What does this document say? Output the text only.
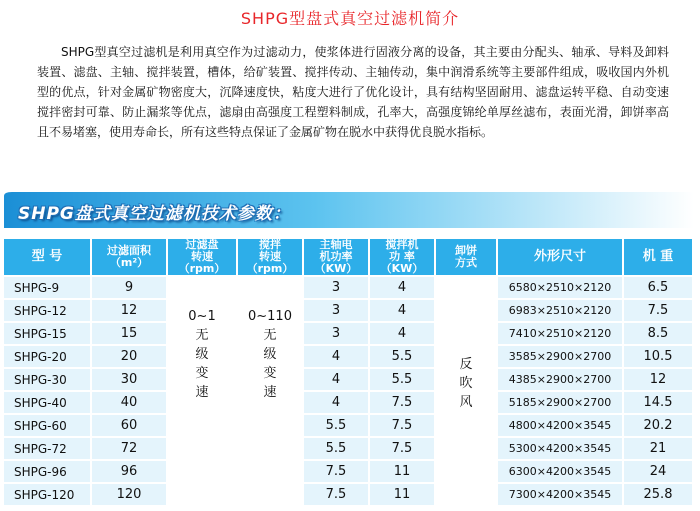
SHPG型盘式真空过滤机简介
SHPG型真空过滤机是利用真空作为过滤动力，使浆体进行固液分离的设备，其主要由分配头、轴承、导料及卸料装置、滤盘、主轴、搅拌装置，槽体，给矿装置、搅拌传动、主轴传动，集中润滑系统等主要部件组成，吸收国内外机型的优点，针对金属矿物密度大，沉降速度快，粘度大进行了优化设计，具有结构坚固耐用、滤盘运转平稳、自动变速搅拌密封可靠、防止漏浆等优点，滤扇由高强度工程塑料制成，孔率大，高强度锦纶单厚丝滤布，表面光滑，卸饼率高且不易堵塞，使用寿命长，所有这些特点保证了金属矿物在脱水中获得优良脱水指标。
SHPG盘式真空过滤机技术参数：
型 号	过滤面积
（m²）	过滤盘
转速
（rpm）	搅拌
转速
（rpm）	主轴电
机功率
（KW）	搅拌机
功 率
（KW）	卸饼
方式	外形尺寸	机 重
SHPG-9	9	0~1
无级变速	0~110
无级变速	3	4	反吹风	6580×2510×2120	6.5
SHPG-12	12			3	4		6983×2510×2120	7.5
SHPG-15	15			3	4		7410×2510×2120	8.5
SHPG-20	20			4	5.5		3585×2900×2700	10.5
SHPG-30	30			4	5.5		4385×2900×2700	12
SHPG-40	40			4	7.5		5185×2900×2700	14.5
SHPG-60	60			5.5	7.5		4800×4200×3545	20.2
SHPG-72	72			5.5	7.5		5300×4200×3545	21
SHPG-96	96			7.5	11		6300×4200×3545	24
SHPG-120	120			7.5	11		7300×4200×3545	25.8
